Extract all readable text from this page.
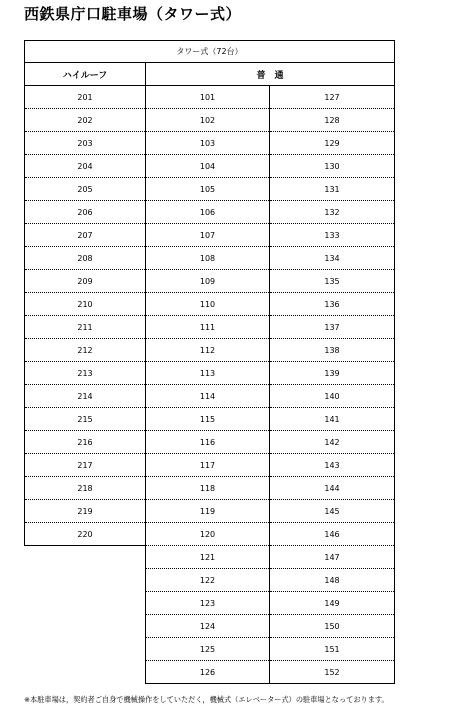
西鉄県庁口駐車場（タワー式）
タワー式（72台）		
ハイルーフ	普　通	
201	101	127
202	102	128
203	103	129
204	104	130
205	105	131
206	106	132
207	107	133
208	108	134
209	109	135
210	110	136
211	111	137
212	112	138
213	113	139
214	114	140
215	115	141
216	116	142
217	117	143
218	118	144
219	119	145
220	120	146
	121	147
	122	148
	123	149
	124	150
	125	151
	126	152
※本駐車場は，契約者ご自身で機械操作をしていただく，機械式（エレベーター式）の駐車場となっております。
